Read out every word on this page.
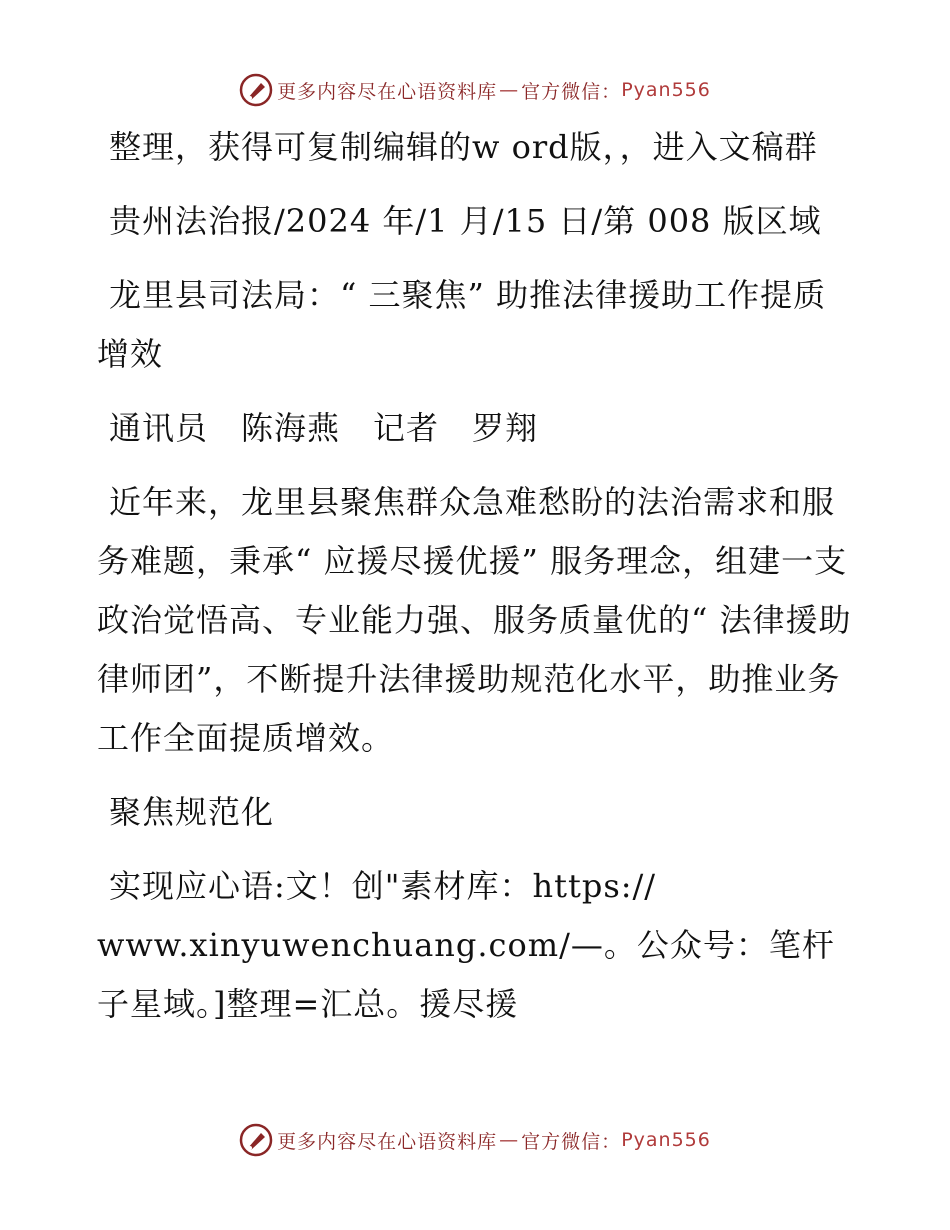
更多内容尽在心语资料库 — 官方微信： Pyan556

整理，获得可复制编辑的w ord版，，进入文稿群

贵州法治报/2024 年/1 月/15 日/第 008 版区域

龙里县司法局：“ 三聚焦” 助推法律援助工作提质增效

通讯员　陈海燕　记者　罗翔

近年来，龙里县聚焦群众急难愁盼的法治需求和服务难题，秉承“ 应援尽援优援” 服务理念，组建一支政治觉悟高、专业能力强、服务质量优的“ 法律援助律师团”，不断提升法律援助规范化水平，助推业务工作全面提质增效。

聚焦规范化

实现应心语:文！创"素材库：https://
www.xinyuwenchuang.com/—。公众号：笔杆子星域。]整理=汇总。援尽援
更多内容尽在心语资料库 — 官方微信： Pyan556
